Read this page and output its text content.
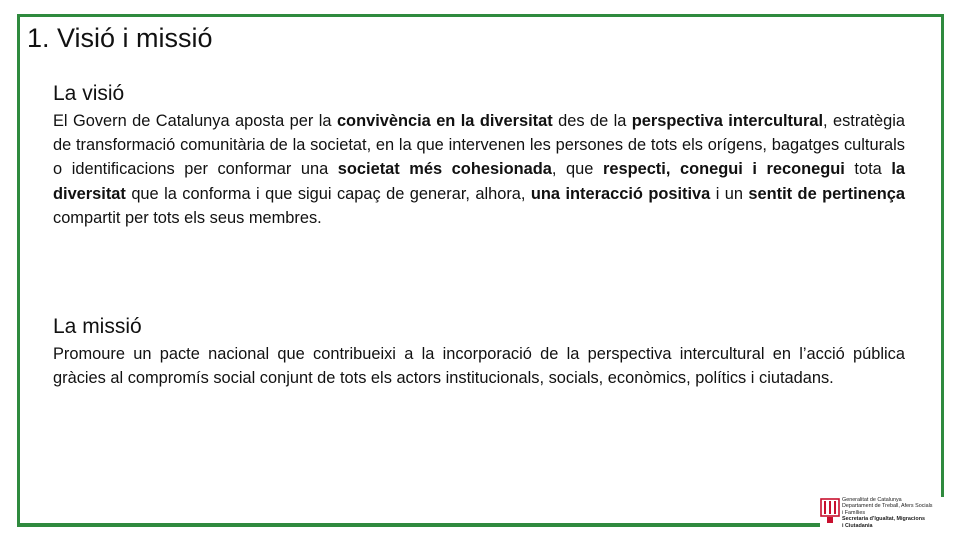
1. Visió i missió
La visió
El Govern de Catalunya aposta per la convivència en la diversitat des de la perspectiva intercultural, estratègia de transformació comunitària de la societat, en la que intervenen les persones de tots els orígens, bagatges culturals o identificacions per conformar una societat més cohesionada, que respecti, conegui i reconegui tota la diversitat que la conforma i que sigui capaç de generar, alhora, una interacció positiva i un sentit de pertinença compartit per tots els seus membres.
La missió
Promoure un pacte nacional que contribueixi a la incorporació de la perspectiva intercultural en l’acció pública gràcies al compromís social conjunt de tots els actors institucionals, socials, econòmics, polítics i ciutadans.
Generalitat de Catalunya
Departament de Treball, Afers Socials
i Famílies
Secretaria d’Igualtat, Migracions
i Ciutadania
